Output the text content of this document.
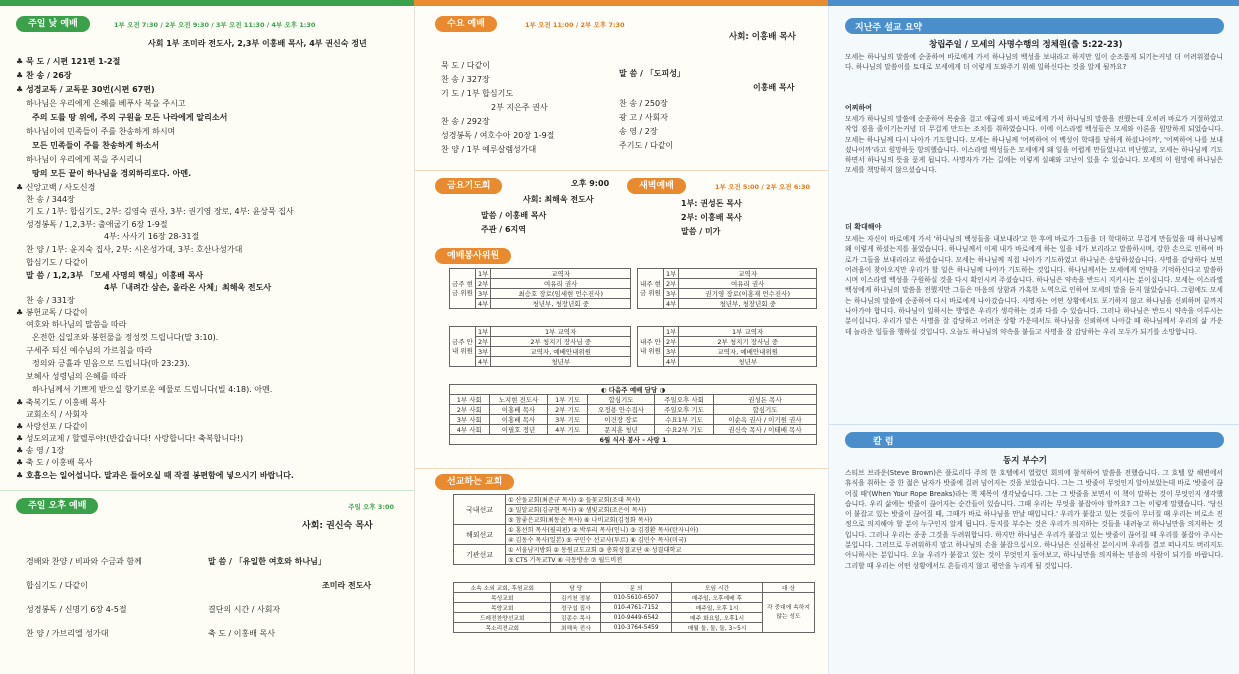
주일 낮 예배	1부 오전 7:30 / 2부 오전 9:30 / 3부 오전 11:30 / 4부 오후 1:30
사회 1부 조미라 전도사, 2,3부 이홍배 목사, 4부 권신숙 정년
♣ 묵 도 / 시편 121편 1-2절
♣ 찬 송 / 26장
♣ 성경교독 / 교독문 30번(시편 67편)
하나님은 우리에게 은혜를 베푸사 복을 주시고
주의 도를 땅 위에, 주의 구원을 모든 나라에게 알리소서
하나님이여 민족들이 주를 찬송하게 하시며
모든 민족들이 주를 찬송하게 하소서
하나님이 우리에게 복을 주시리니
땅의 모든 끝이 하나님을 경외하리로다. 아멘.
♣ 신앙고백 / 사도신경
찬 송 / 344장
기 도 / 1부: 합심기도, 2부: 김영숙 권사, 3부: 권기영 장로, 4부: 윤상묵 집사
성경봉독 / 1,2,3부: 출애굽기 6장 1-9절
4부: 사사기 16장 28-31절
찬 양 / 1부: 윤지숙 집사, 2부: 시온성가대, 3부: 호산나성가대
합심기도 / 다같이
말 씀 / 1,2,3부 「모세 사명의 핵심」이홍배 목사
4부「내려간 삼손, 올라온 사체」최해욱 전도사
찬 송 / 331장
♣ 봉헌교독 / 다같이
여호와 하나님의 말씀을 따라
온전한 십일조와 봉헌물을 정성껏 드립니다(말 3:10).
구세주 되신 예수님의 가르침을 따라
정의와 긍휼과 믿음으로 드립니다(마 23:23).
보혜사 성령님의 은혜를 따라
하나님께서 기쁘게 받으실 향기로운 예물로 드립니다(빌 4:18). 아멘.
♣ 축복기도 / 이홍배 목사
교회소식 / 사회자
♣ 사랑선포 / 다같이
♣ 성도의교제 / 할렐루야!(반갑습니다! 사랑합니다! 축복합니다!)
♣ 송 영 / 1장
♣ 축 도 / 이홍배 목사
♣ 호흡으는 일어섭니다. 말과은 들어오실 때 작결 봉편함에 넣으시기 바랍니다.
주일 오후 예배	주일 오후 3:00
사회: 권신숙 목사
경배와 찬양 / 비파와 수금과 함께	말 씀 / 「유일한 여호와 하나님」
합심기도 / 다같이	조미라 전도사
성경봉독 / 신명기 6장 4-5절	결단의 시간 / 사회자
찬 양 / 가브리엘 성가대	축 도 / 이홍배 목사
수요 예배	1부 오전 11:00 / 2부 오후 7:30
사회: 이홍배 목사
묵 도 / 다같이
찬 송 / 327장
기 도 / 1부 합심기도
2부 지은주 권사
찬 송 / 292장
성경봉독 / 여호수아 20장 1-9절
찬 양 / 1부 예루살렘성가대
말 씀 / 「도피성」
이홍배 목사
찬 송 / 250장
광 고 / 사회자
송 영 / 2장
주기도 / 다같이
금요기도회	오후 9:00
사회: 최해욱 전도사
말씀 / 이홍배 목사
주관 / 6지역
새벽예배	1부 오전 5:00 / 2부 오전 6:30
1부: 권성돈 목사
2부: 이홍배 목사
말씀 / 미가
예배봉사위원
금주 현금 위원	1부	교역자
	2부	여유리 권사
	3부	최승호 장로(임세현 언수진사)
	4부	청년부, 청장년회 중
내주 현금 위원	1부	교역자
	2부	여유리 권사
	3부	권기영 장로(이홍재 언수진사)
	4부	청년부, 청장년회 중
금주 안내 위원	1부	1부 교역자
	2부	2부 청지기 장사님 중
	3부	교역자, 예배안내위원
	4부	청년부
내주 안내 위원	1부	1부 교역자
	2부	2부 청지기 장사님 중
	3부	교역자, 예배안내위원
	4부	청년부
◐ 다음주 예배 담당 ◑					
1부 사회	노지현 전도사	1부 기도	합심기도	주일오후 사회	권성돈 목사
2부 사회	이홍배 목사	2부 기도	오정용 안수집사	주일오후 기도	합심기도
3부 사회	이홍배 목사	3부 기도	이건장 장로	수요1부 기도	이순옥 권사 / 이기원 권사
4부 사회	이필호 정년	4부 기도	문지훈 청년	수요2부 기도	권신숙 목사 / 이태배 목사
6월 식사 봉사 - 사랑 1					
선교하는 교회
국내선교	① 산돌교회(최준규 목사) ② 들꽃교회(조대 목사)
	③ 밀알교회(김규현 목사) ④ 샘빛교회(조은이 목사)
	⑤ 참좋은교회(최동순 목사) ⑥ 나비교회(김정화 목사)
해외선교	① 홍선희 목사(필리핀) ② 박루리 목사(인니) ③ 김경환 목사(탄자니아)
	④ 김동수 목사(일본) ⑤ 구민수 선교사(투르) ⑥ 김민수 목사(미국)
기관선교	① 서울남지방회 ② 동원교도교회 ③ 총회성결교단 ④ 성결대학교
	⑤ CTS 기독교TV ⑥ 극동방송 ⑦ 월드비전
소속 소외 교회, 후원교회	담 당	문 의	모임 시간	대 상
목성교회	김기천 정봉	010-5610-6507	매주일, 오후예배 후	각 중대에 속하지 않는 성도
목양교회	정구섭 집사	010-4761-7152	매주일, 오후 1시	
드레전찬양선교회	김종수 목사	010-9449-6542	매주 화요일, 오후1시	
목소리전교회	최해욱 전사	010-3764-5459	매월 둘, 둘, 둘, 3~5시	
지난주 설교 요약	SERMON
창립주일 / 모세의 사명수행의 정체원(출 5:22-23)
모세는 하나님의 말씀에 순종하여 바로에게 가서 하나님의 백성을 보내라고 하지만 일이 순조롭게 되기는커녕 더 어려워졌습니다. 하나님의 말씀이를 토대로 모세에게 더 이렇게 도와주기 위해 일하신다는 것을 알게 될까요?
어찌하여
모세가 하나님의 말씀에 순종하여 목숨을 걸고 애굽에 와서 바로에게 가서 하나님의 말씀을 전했는데 오히려 바로가 거절하였고 작업 짐을 줄이기는커녕 더 무겁게 만드는 조치를 취하였습니다. 이에 이스라엘 백성들은 모세와 아론을 원망하게 되었습니다. 모세는 하나님께 다시 나아가 기도합니다. 모세는 하나님께 '어찌하여 이 백성이 학대를 당하게 하셨나이까', '어찌하여 나를 보내셨나이까'라고 원망하듯 항의했습니다. 이스라엘 백성들은 모세에게 왜 일을 어렵게 만들었냐고 비난했고, 모세는 하나님께 기도하면서 하나님의 뜻을 묻게 됩니다. 사명자가 가는 길에는 이렇게 실패와 고난이 있을 수 있습니다. 모세의 이 원망에 하나님은 모세를 책망하지 않으셨습니다.
더 확대해야
모세는 자신이 바로에게 가서 '하나님의 백성들을 내보내라'고 한 후에 바로가 그들을 더 학대하고 무겁게 만들었을 때 하나님께 왜 이렇게 하셨는지를 물었습니다. 하나님께서 이제 내가 바로에게 하는 일을 네가 보리라고 말씀하시며, 강한 손으로 인하여 바로가 그들을 보내리라고 하셨습니다. 모세는 하나님께 직접 나아가 기도하였고 하나님은 응답하셨습니다. 사명을 감당하다 보면 어려움이 찾아오지만 우리가 할 일은 하나님께 나아가 기도하는 것입니다. 하나님께서는 모세에게 언약을 기억하신다고 말씀하시며 이스라엘 백성을 구원하실 것을 다시 확인시켜 주셨습니다. 하나님은 약속을 반드시 지키시는 분이십니다. 모세는 이스라엘 백성에게 하나님의 말씀을 전했지만 그들은 마음의 상함과 가혹한 노역으로 인하여 모세의 말을 듣지 않았습니다. 그럼에도 모세는 하나님의 말씀에 순종하여 다시 바로에게 나아갔습니다. 사명자는 어떤 상황에서도 포기하지 않고 하나님을 신뢰하며 끝까지 나아가야 합니다. 하나님이 일하시는 방법은 우리가 생각하는 것과 다를 수 있습니다. 그러나 하나님은 반드시 약속을 이루시는 분이십니다. 우리가 맡은 사명을 잘 감당하고 어려운 상황 가운데서도 하나님을 신뢰하며 나아갈 때 하나님께서 우리의 삶 가운데 놀라운 일들을 행하실 것입니다. 오늘도 하나님의 약속을 붙들고 사명을 잘 감당하는 우리 모두가 되기를 소망합니다.
칼 럼	COLUMN
동지 부수기
스티브 브라운(Steve Brown)은 플로리다 주의 한 호텔에서 열렸던 회의에 참석하여 말씀을 전했습니다. 그 호텔 앞 해변에서 휴식을 취하는 중 한 젊은 남자가 밧줄에 걸려 넘어지는 것을 보았습니다. 그는 그 밧줄이 무엇인지 알아보았는데 바로 '밧줄이 끊어질 때'(When Your Rope Breaks)라는 책 제목이 생각났습니다. 그는 그 밧줄을 보면서 이 책이 말하는 것이 무엇인지 생각했습니다. 우리 삶에는 밧줄이 끊어지는 순간들이 있습니다. 그때 우리는 무엇을 붙잡아야 할까요? 그는 이렇게 말했습니다. '당신이 붙잡고 있는 밧줄이 끊어질 때, 그때가 바로 하나님을 만날 때입니다.' 우리가 붙잡고 있는 것들이 무너질 때 우리는 비로소 진정으로 의지해야 할 분이 누구인지 알게 됩니다. 동지를 부수는 것은 우리가 의지하는 것들을 내려놓고 하나님만을 의지하는 것입니다. 그러나 우리는 종종 그것을 두려워합니다. 하지만 하나님은 우리가 붙잡고 있는 밧줄이 끊어질 때 우리를 붙잡아 주시는 분입니다. 그러므로 두려워하지 말고 하나님의 손을 붙잡으십시오. 하나님은 신실하신 분이시며 우리를 결코 떠나지도 버리지도 아니하시는 분입니다. 오늘 우리가 붙잡고 있는 것이 무엇인지 돌아보고, 하나님만을 의지하는 믿음의 사람이 되기를 바랍니다. 그리할 때 우리는 어떤 상황에서도 흔들리지 않고 평안을 누리게 될 것입니다.
